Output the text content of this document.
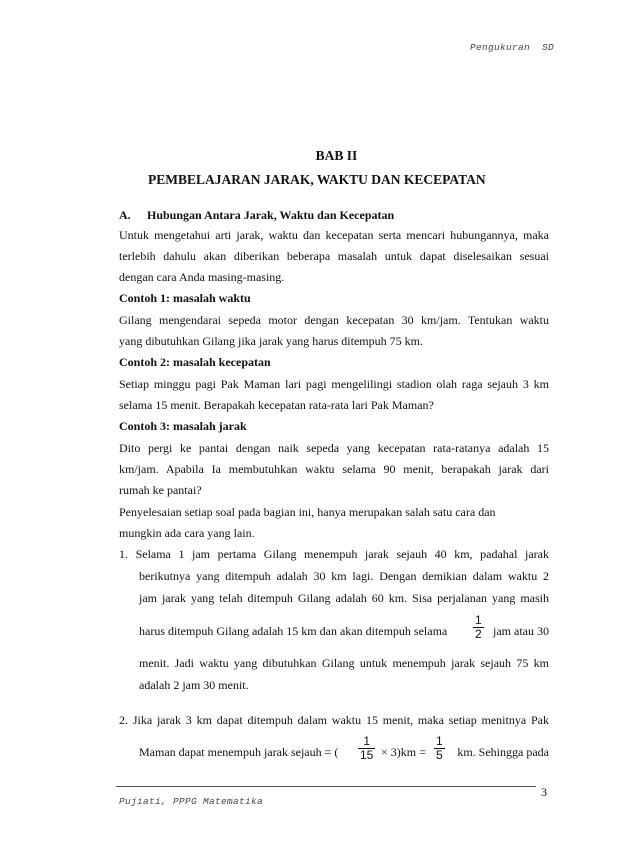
Pengukuran  SD
BAB II
PEMBELAJARAN JARAK, WAKTU DAN KECEPATAN
A. Hubungan Antara Jarak, Waktu dan Kecepatan
Untuk mengetahui arti jarak, waktu dan kecepatan serta mencari hubungannya, maka
terlebih dahulu akan diberikan beberapa masalah untuk dapat diselesaikan sesuai
dengan cara Anda masing-masing.
Contoh 1: masalah waktu
Gilang mengendarai sepeda motor dengan kecepatan 30 km/jam. Tentukan waktu
yang dibutuhkan Gilang jika jarak yang harus ditempuh 75 km.
Contoh 2: masalah kecepatan
Setiap minggu pagi Pak Maman lari pagi mengelilingi stadion olah raga sejauh 3 km
selama 15 menit. Berapakah kecepatan rata-rata lari Pak Maman?
Contoh 3: masalah jarak
Dito pergi ke pantai dengan naik sepeda yang kecepatan rata-ratanya adalah 15
km/jam. Apabila Ia membutuhkan waktu selama 90 menit, berapakah jarak dari
rumah ke pantai?
Penyelesaian setiap soal pada bagian ini, hanya merupakan salah satu cara dan
mungkin ada cara yang lain.
1. Selama 1 jam pertama Gilang menempuh jarak sejauh 40 km, padahal jarak
berikutnya yang ditempuh adalah 30 km lagi. Dengan demikian dalam waktu 2
jam jarak yang telah ditempuh Gilang adalah 60 km. Sisa perjalanan yang masih
harus ditempuh Gilang adalah 15 km dan akan ditempuh selama
1
2 jam atau 30
menit. Jadi waktu yang dibutuhkan Gilang untuk menempuh jarak sejauh 75 km
adalah 2 jam 30 menit.
2. Jika jarak 3 km dapat ditempuh dalam waktu 15 menit, maka setiap menitnya Pak
Maman dapat menempuh jarak sejauh = (
1
15 × 3)km =
1
5	km. Sehingga pada
3
Pujiati, PPPG Matematika
